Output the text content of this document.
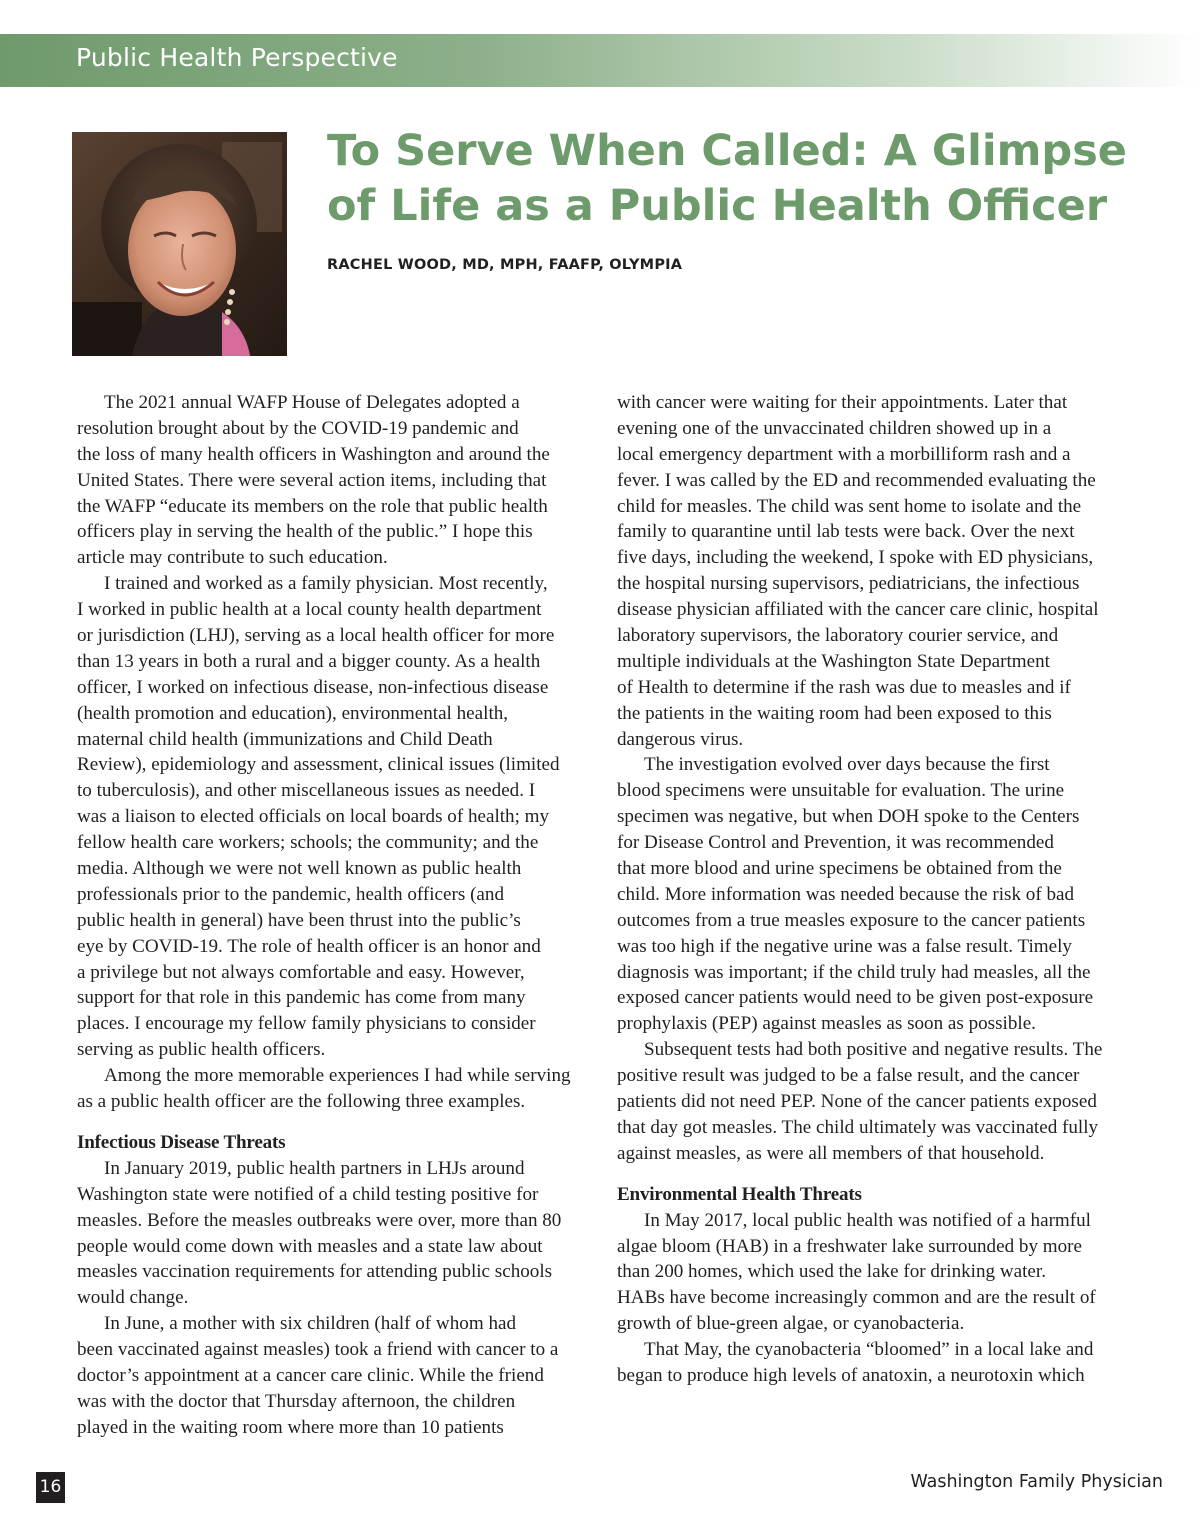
Public Health Perspective
To Serve When Called: A Glimpse
of Life as a Public Health Officer
RACHEL WOOD, MD, MPH, FAAFP, OLYMPIA
The 2021 annual WAFP House of Delegates adopted a
resolution brought about by the COVID-19 pandemic and
the loss of many health officers in Washington and around the
United States. There were several action items, including that
the WAFP “educate its members on the role that public health
officers play in serving the health of the public.” I hope this
article may contribute to such education.
I trained and worked as a family physician. Most recently,
I worked in public health at a local county health department
or jurisdiction (LHJ), serving as a local health officer for more
than 13 years in both a rural and a bigger county. As a health
officer, I worked on infectious disease, non-infectious disease
(health promotion and education), environmental health,
maternal child health (immunizations and Child Death
Review), epidemiology and assessment, clinical issues (limited
to tuberculosis), and other miscellaneous issues as needed. I
was a liaison to elected officials on local boards of health; my
fellow health care workers; schools; the community; and the
media. Although we were not well known as public health
professionals prior to the pandemic, health officers (and
public health in general) have been thrust into the public’s
eye by COVID-19. The role of health officer is an honor and
a privilege but not always comfortable and easy. However,
support for that role in this pandemic has come from many
places. I encourage my fellow family physicians to consider
serving as public health officers.
Among the more memorable experiences I had while serving
as a public health officer are the following three examples.
Infectious Disease Threats
In January 2019, public health partners in LHJs around
Washington state were notified of a child testing positive for
measles. Before the measles outbreaks were over, more than 80
people would come down with measles and a state law about
measles vaccination requirements for attending public schools
would change.
In June, a mother with six children (half of whom had
been vaccinated against measles) took a friend with cancer to a
doctor’s appointment at a cancer care clinic. While the friend
was with the doctor that Thursday afternoon, the children
played in the waiting room where more than 10 patients
with cancer were waiting for their appointments. Later that
evening one of the unvaccinated children showed up in a
local emergency department with a morbilliform rash and a
fever. I was called by the ED and recommended evaluating the
child for measles. The child was sent home to isolate and the
family to quarantine until lab tests were back. Over the next
five days, including the weekend, I spoke with ED physicians,
the hospital nursing supervisors, pediatricians, the infectious
disease physician affiliated with the cancer care clinic, hospital
laboratory supervisors, the laboratory courier service, and
multiple individuals at the Washington State Department
of Health to determine if the rash was due to measles and if
the patients in the waiting room had been exposed to this
dangerous virus.
The investigation evolved over days because the first
blood specimens were unsuitable for evaluation. The urine
specimen was negative, but when DOH spoke to the Centers
for Disease Control and Prevention, it was recommended
that more blood and urine specimens be obtained from the
child. More information was needed because the risk of bad
outcomes from a true measles exposure to the cancer patients
was too high if the negative urine was a false result. Timely
diagnosis was important; if the child truly had measles, all the
exposed cancer patients would need to be given post-exposure
prophylaxis (PEP) against measles as soon as possible.
Subsequent tests had both positive and negative results. The
positive result was judged to be a false result, and the cancer
patients did not need PEP. None of the cancer patients exposed
that day got measles. The child ultimately was vaccinated fully
against measles, as were all members of that household.
Environmental Health Threats
In May 2017, local public health was notified of a harmful
algae bloom (HAB) in a freshwater lake surrounded by more
than 200 homes, which used the lake for drinking water.
HABs have become increasingly common and are the result of
growth of blue-green algae, or cyanobacteria.
That May, the cyanobacteria “bloomed” in a local lake and
began to produce high levels of anatoxin, a neurotoxin which
16	Washington Family Physician
